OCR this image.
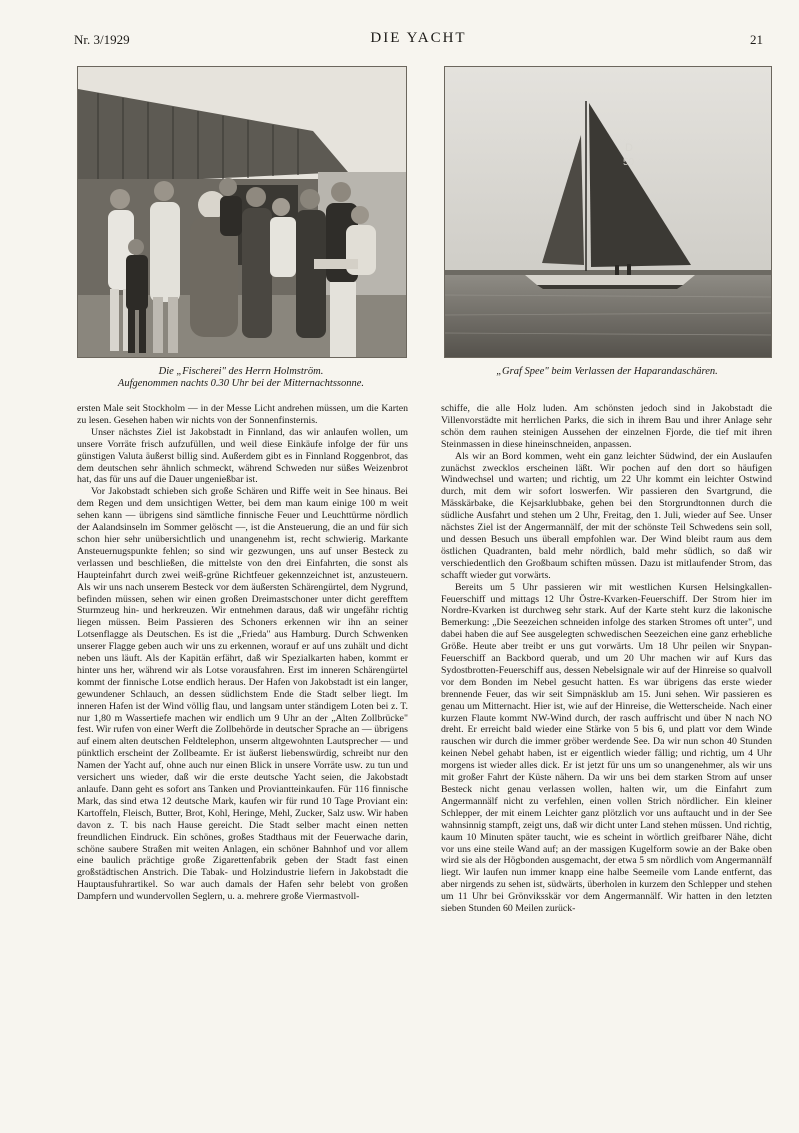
Nr. 3/1929	DIE YACHT	21
D
50
Die „Fischerei" des Herrn Holmström.
Aufgenommen nachts 0.30 Uhr bei der Mitternachtssonne.
„Graf Spee" beim Verlassen der Haparandaschären.

ersten Male seit Stockholm — in der Messe Licht andrehen müssen, um die Karten zu lesen. Gesehen haben wir nichts von der Sonnenfinsternis.

Unser nächstes Ziel ist Jakobstadt in Finnland, das wir anlaufen wollen, um unsere Vorräte frisch aufzufüllen, und weil diese Einkäufe infolge der für uns günstigen Valuta äußerst billig sind. Außerdem gibt es in Finnland Roggenbrot, das dem deutschen sehr ähnlich schmeckt, während Schweden nur süßes Weizenbrot hat, das für uns auf die Dauer ungenießbar ist.

Vor Jakobstadt schieben sich große Schären und Riffe weit in See hinaus. Bei dem Regen und dem unsichtigen Wetter, bei dem man kaum einige 100 m weit sehen kann — übrigens sind sämtliche finnische Feuer und Leuchttürme nördlich der Aalandsinseln im Sommer gelöscht —, ist die Ansteuerung, die an und für sich schon hier sehr unübersichtlich und unangenehm ist, recht schwierig. Markante Ansteuernugspunkte fehlen; so sind wir gezwungen, uns auf unser Besteck zu verlassen und beschließen, die mittelste von den drei Einfahrten, die sonst als Haupteinfahrt durch zwei weiß-grüne Richtfeuer gekennzeichnet ist, anzusteuern. Als wir uns nach unserem Besteck vor dem äußersten Schärengürtel, dem Nygrund, befinden müssen, sehen wir einen großen Dreimastschoner unter dicht gerefftem Sturmzeug hin- und herkreuzen. Wir entnehmen daraus, daß wir ungefähr richtig liegen müssen. Beim Passieren des Schoners erkennen wir ihn an seiner Lotsenflagge als Deutschen. Es ist die „Frieda" aus Hamburg. Durch Schwenken unserer Flagge geben auch wir uns zu erkennen, worauf er auf uns zuhält und dicht neben uns läuft. Als der Kapitän erfährt, daß wir Spezialkarten haben, kommt er hinter uns her, während wir als Lotse vorausfahren. Erst im inneren Schärengürtel kommt der finnische Lotse endlich heraus. Der Hafen von Jakobstadt ist ein langer, gewundener Schlauch, an dessen südlichstem Ende die Stadt selber liegt. Im inneren Hafen ist der Wind völlig flau, und langsam unter ständigem Loten bei z. T. nur 1,80 m Wassertiefe machen wir endlich um 9 Uhr an der „Alten Zollbrücke" fest. Wir rufen von einer Werft die Zollbehörde in deutscher Sprache an — übrigens auf einem alten deutschen Feldtelephon, unserm altgewohnten Lautsprecher — und pünktlich erscheint der Zollbeamte. Er ist äußerst liebenswürdig, schreibt nur den Namen der Yacht auf, ohne auch nur einen Blick in unsere Vorräte usw. zu tun und versichert uns wieder, daß wir die erste deutsche Yacht seien, die Jakobstadt anlaufe. Dann geht es sofort ans Tanken und Proviantteinkaufen. Für 116 finnische Mark, das sind etwa 12 deutsche Mark, kaufen wir für rund 10 Tage Proviant ein: Kartoffeln, Fleisch, Butter, Brot, Kohl, Heringe, Mehl, Zucker, Salz usw. Wir haben davon z. T. bis nach Hause gereicht. Die Stadt selber macht einen netten freundlichen Eindruck. Ein schönes, großes Stadthaus mit der Feuerwache darin, schöne saubere Straßen mit weiten Anlagen, ein schöner Bahnhof und vor allem eine baulich prächtige große Zigarettenfabrik geben der Stadt fast einen großstädtischen Anstrich. Die Tabak- und Holzindustrie liefern in Jakobstadt die Hauptausfuhrartikel. So war auch damals der Hafen sehr belebt von großen Dampfern und wundervollen Seglern, u. a. mehrere große Viermastvoll-

schiffe, die alle Holz luden. Am schönsten jedoch sind in Jakobstadt die Villenvorstädte mit herrlichen Parks, die sich in ihrem Bau und ihrer Anlage sehr schön dem rauhen steinigen Aussehen der einzelnen Fjorde, die tief mit ihren Steinmassen in diese hineinschneiden, anpassen.

Als wir an Bord kommen, weht ein ganz leichter Südwind, der ein Auslaufen zunächst zwecklos erscheinen läßt. Wir pochen auf den dort so häufigen Windwechsel und warten; und richtig, um 22 Uhr kommt ein leichter Ostwind durch, mit dem wir sofort loswerfen. Wir passieren den Svartgrund, die Mässkärbake, die Kejsarklubbake, gehen bei den Storgrundtonnen durch die südliche Ausfahrt und stehen um 2 Uhr, Freitag, den 1. Juli, wieder auf See. Unser nächstes Ziel ist der Angermannälf, der mit der schönste Teil Schwedens sein soll, und dessen Besuch uns überall empfohlen war. Der Wind bleibt raum aus dem östlichen Quadranten, bald mehr nördlich, bald mehr südlich, so daß wir verschiedentlich den Großbaum schiften müssen. Dazu ist mitlaufender Strom, das schafft wieder gut vorwärts.

Bereits um 5 Uhr passieren wir mit westlichen Kursen Helsingkallen-Feuerschiff und mittags 12 Uhr Östre-Kvarken-Feuerschiff. Der Strom hier im Nordre-Kvarken ist durchweg sehr stark. Auf der Karte steht kurz die lakonische Bemerkung: „Die Seezeichen schneiden infolge des starken Stromes oft unter", und dabei haben die auf See ausgelegten schwedischen Seezeichen eine ganz erhebliche Größe. Heute aber treibt er uns gut vorwärts. Um 18 Uhr peilen wir Snypan-Feuerschiff an Backbord querab, und um 20 Uhr machen wir auf Kurs das Sydostbrotten-Feuerschiff aus, dessen Nebelsignale wir auf der Hinreise so qualvoll vor dem Bonden im Nebel gesucht hatten. Es war übrigens das erste wieder brennende Feuer, das wir seit Simpnäsklub am 15. Juni sehen. Wir passieren es genau um Mitternacht. Hier ist, wie auf der Hinreise, die Wetterscheide. Nach einer kurzen Flaute kommt NW-Wind durch, der rasch auffrischt und über N nach NO dreht. Er erreicht bald wieder eine Stärke von 5 bis 6, und platt vor dem Winde rauschen wir durch die immer gröber werdende See. Da wir nun schon 40 Stunden keinen Nebel gehabt haben, ist er eigentlich wieder fällig; und richtig, um 4 Uhr morgens ist wieder alles dick. Er ist jetzt für uns um so unangenehmer, als wir uns mit großer Fahrt der Küste nähern. Da wir uns bei dem starken Strom auf unser Besteck nicht genau verlassen wollen, halten wir, um die Einfahrt zum Angermannälf nicht zu verfehlen, einen vollen Strich nördlicher. Ein kleiner Schlepper, der mit einem Leichter ganz plötzlich vor uns auftaucht und in der See wahnsinnig stampft, zeigt uns, daß wir dicht unter Land stehen müssen. Und richtig, kaum 10 Minuten später taucht, wie es scheint in wörtlich greifbarer Nähe, dicht vor uns eine steile Wand auf; an der massigen Kugelform sowie an der Bake oben wird sie als der Högbonden ausgemacht, der etwa 5 sm nördlich vom Angermannälf liegt. Wir laufen nun immer knapp eine halbe Seemeile vom Lande entfernt, das aber nirgends zu sehen ist, südwärts, überholen in kurzem den Schlepper und stehen um 11 Uhr bei Grönviksskär vor dem Angermannälf. Wir hatten in den letzten sieben Stunden 60 Meilen zurück-
